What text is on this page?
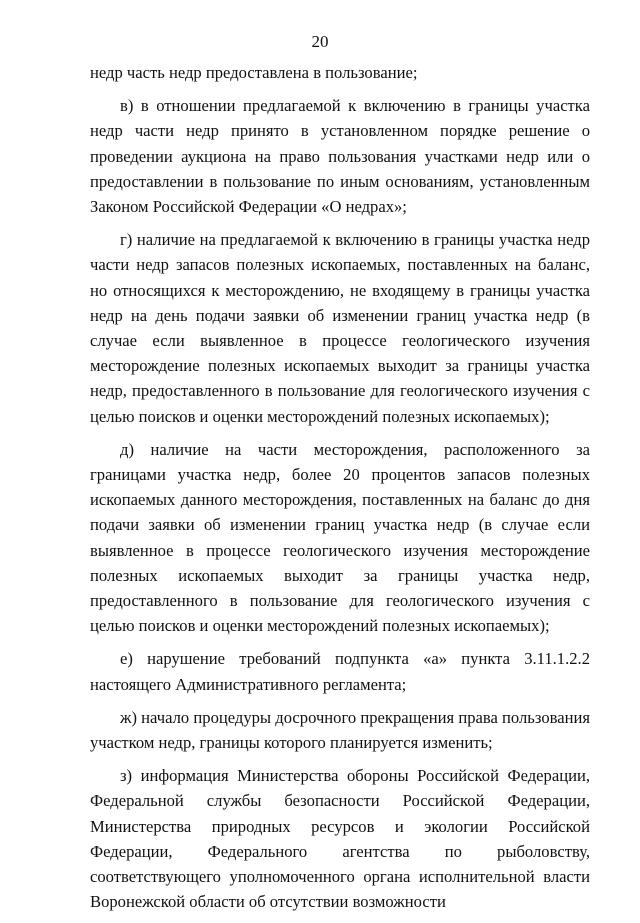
20

недр часть недр предоставлена в пользование;

в) в отношении предлагаемой к включению в границы участка недр части недр принято в установленном порядке решение о проведении аукциона на право пользования участками недр или о предоставлении в пользование по иным основаниям, установленным Законом Российской Федерации «О недрах»;

г) наличие на предлагаемой к включению в границы участка недр части недр запасов полезных ископаемых, поставленных на баланс, но относящихся к месторождению, не входящему в границы участка недр на день подачи заявки об изменении границ участка недр (в случае если выявленное в процессе геологического изучения месторождение полезных ископаемых выходит за границы участка недр, предоставленного в пользование для геологического изучения с целью поисков и оценки месторождений полезных ископаемых);

д) наличие на части месторождения, расположенного за границами участка недр, более 20 процентов запасов полезных ископаемых данного месторождения, поставленных на баланс до дня подачи заявки об изменении границ участка недр (в случае если выявленное в процессе геологического изучения месторождение полезных ископаемых выходит за границы участка недр, предоставленного в пользование для геологического изучения с целью поисков и оценки месторождений полезных ископаемых);

е) нарушение требований подпункта «а» пункта 3.11.1.2.2 настоящего Административного регламента;

ж) начало процедуры досрочного прекращения права пользования участком недр, границы которого планируется изменить;

з) информация Министерства обороны Российской Федерации, Федеральной службы безопасности Российской Федерации, Министерства природных ресурсов и экологии Российской Федерации, Федерального агентства по рыболовству, соответствующего уполномоченного органа исполнительной власти Воронежской области об отсутствии возможности
